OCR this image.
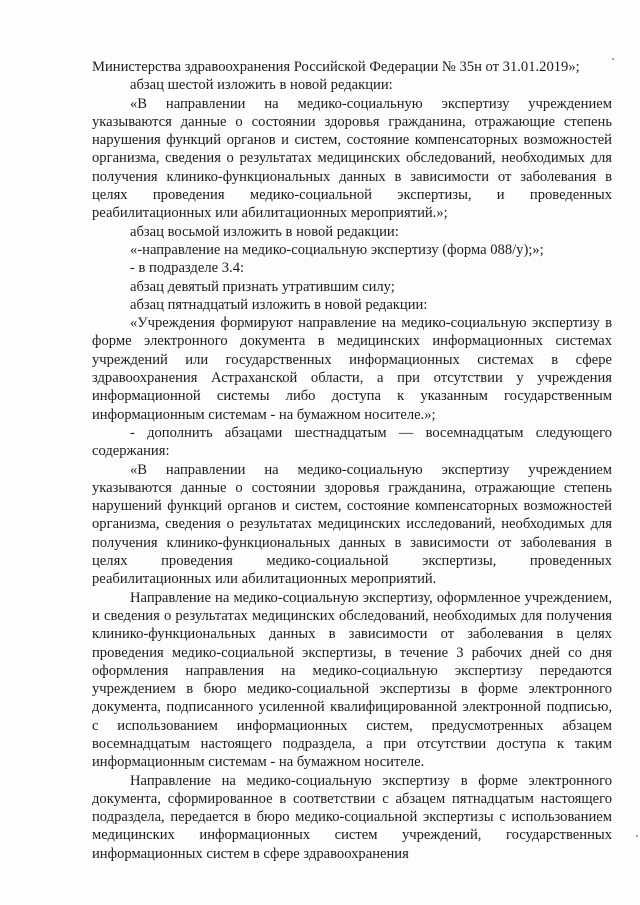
Министерства здравоохранения Российской Федерации № 35н от 31.01.2019»;

абзац шестой изложить в новой редакции:

«В направлении на медико-социальную экспертизу учреждением указываются данные о состоянии здоровья гражданина, отражающие степень нарушения функций органов и систем, состояние компенсаторных возможностей организма, сведения о результатах медицинских обследований, необходимых для получения клинико-функциональных данных в зависимости от заболевания в целях проведения медико-социальной экспертизы, и проведенных реабилитационных или абилитационных мероприятий.»;

абзац восьмой изложить в новой редакции:

«-направление на медико-социальную экспертизу (форма 088/у);»;

- в подразделе 3.4:

абзац девятый признать утратившим силу;

абзац пятнадцатый изложить в новой редакции:

«Учреждения формируют направление на медико-социальную экспертизу в форме электронного документа в медицинских информационных системах учреждений или государственных информационных системах в сфере здравоохранения Астраханской области, а при отсутствии у учреждения информационной системы либо доступа к указанным государственным информационным системам - на бумажном носителе.»;

- дополнить абзацами шестнадцатым — восемнадцатым следующего содержания:

«В направлении на медико-социальную экспертизу учреждением указываются данные о состоянии здоровья гражданина, отражающие степень нарушений функций органов и систем, состояние компенсаторных возможностей организма, сведения о результатах медицинских исследований, необходимых для получения клинико-функциональных данных в зависимости от заболевания в целях проведения медико-социальной экспертизы, проведенных реабилитационных или абилитационных мероприятий.

Направление на медико-социальную экспертизу, оформленное учреждением, и сведения о результатах медицинских обследований, необходимых для получения клинико-функциональных данных в зависимости от заболевания в целях проведения медико-социальной экспертизы, в течение 3 рабочих дней со дня оформления направления на медико-социальную экспертизу передаются учреждением в бюро медико-социальной экспертизы в форме электронного документа, подписанного усиленной квалифицированной электронной подписью, с использованием информационных систем, предусмотренных абзацем восемнадцатым настоящего подраздела, а при отсутствии доступа к таким информационным системам - на бумажном носителе.

Направление на медико-социальную экспертизу в форме электронного документа, сформированное в соответствии с абзацем пятнадцатым настоящего подраздела, передается в бюро медико-социальной экспертизы с использованием медицинских информационных систем учреждений, государственных информационных систем в сфере здравоохранения
